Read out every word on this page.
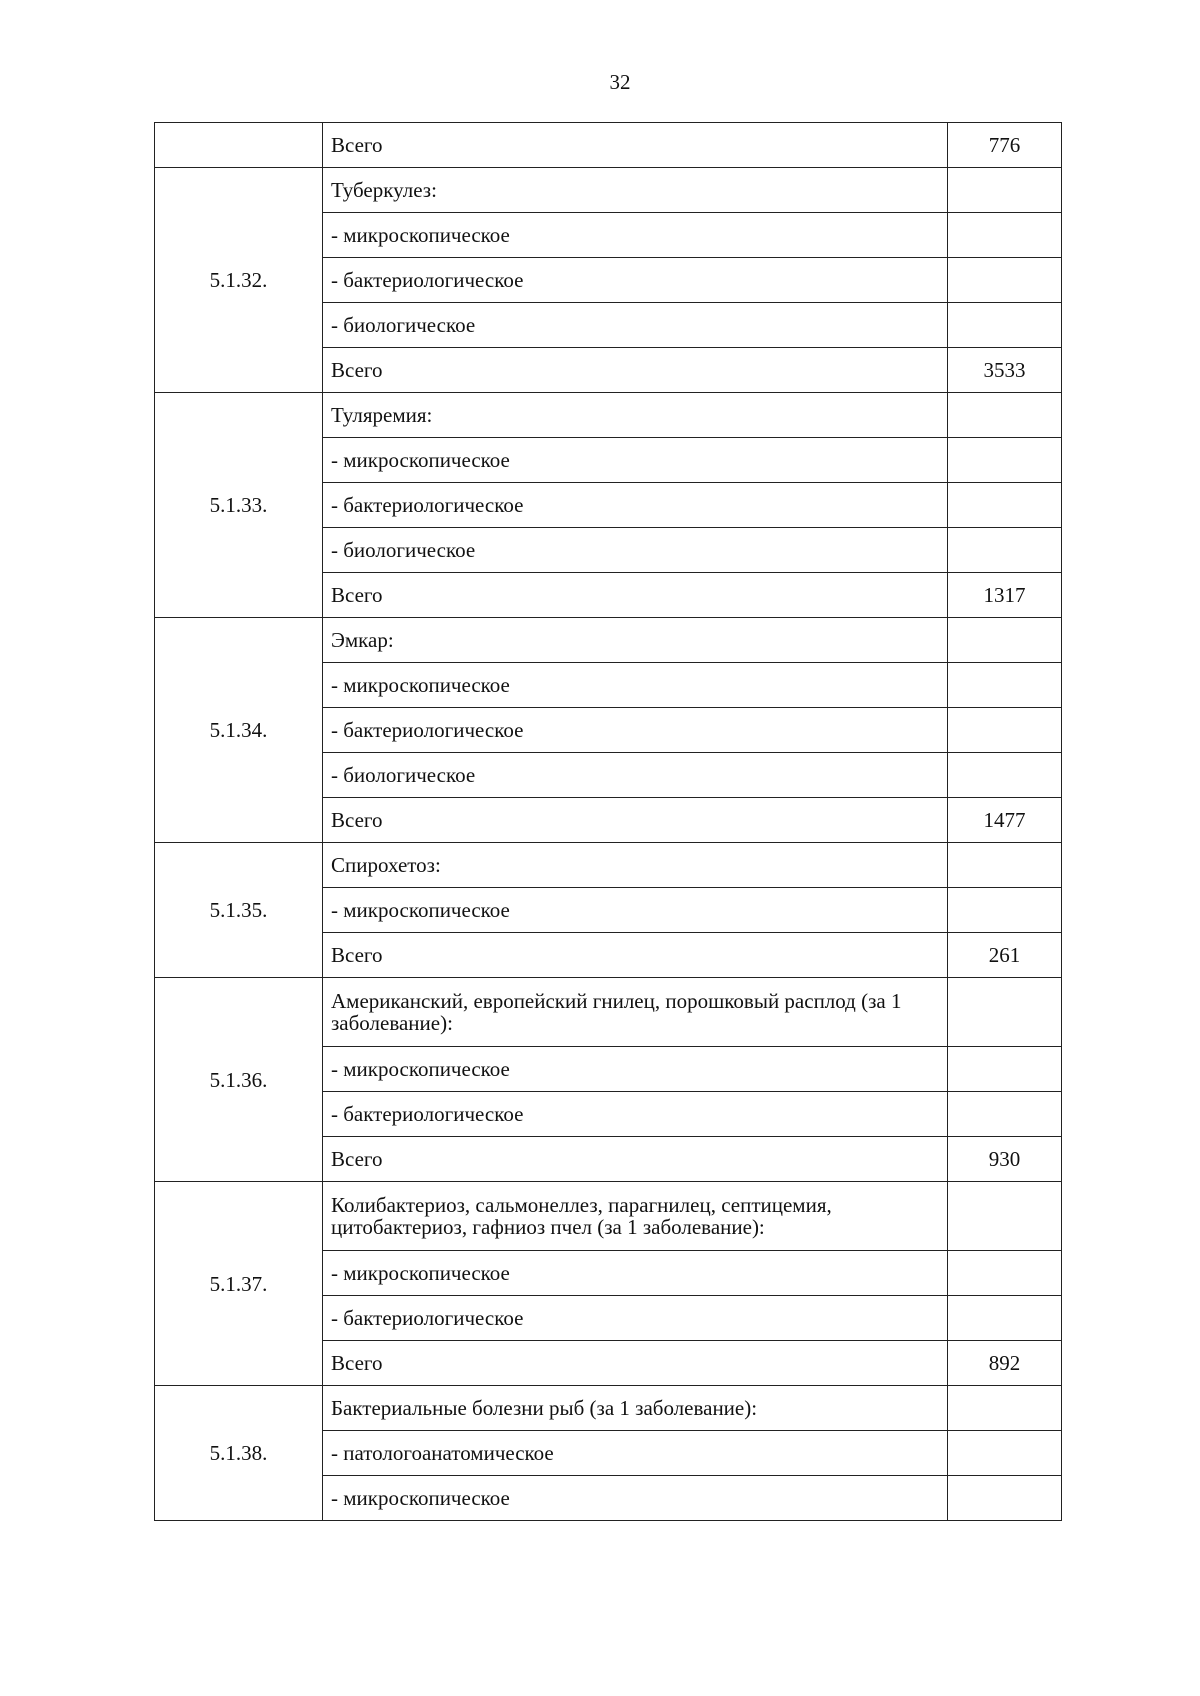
32
	Всего	776
5.1.32.	Туберкулез:	
	- микроскопическое	
	- бактериологическое	
	- биологическое	
	Всего	3533
5.1.33.	Туляремия:	
	- микроскопическое	
	- бактериологическое	
	- биологическое	
	Всего	1317
5.1.34.	Эмкар:	
	- микроскопическое	
	- бактериологическое	
	- биологическое	
	Всего	1477
5.1.35.	Спирохетоз:	
	- микроскопическое	
	Всего	261
5.1.36.	Американский, европейский гнилец, порошковый расплод (за 1 заболевание):	
	- микроскопическое	
	- бактериологическое	
	Всего	930
5.1.37.	Колибактериоз, сальмонеллез, парагнилец, септицемия, цитобактериоз, гафниоз пчел (за 1 заболевание):	
	- микроскопическое	
	- бактериологическое	
	Всего	892
5.1.38.	Бактериальные болезни рыб (за 1 заболевание):	
	- патологоанатомическое	
	- микроскопическое	
